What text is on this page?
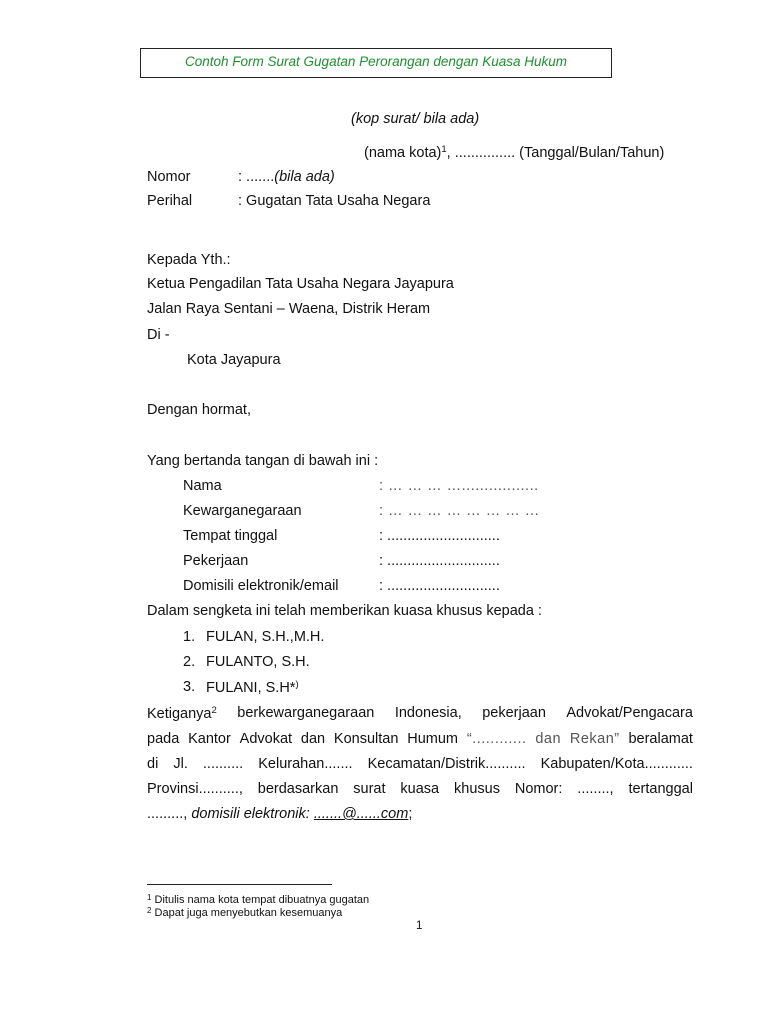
Contoh Form Surat Gugatan Perorangan dengan Kuasa Hukum
(kop surat/ bila ada)
(nama kota)$^1$, ............... (Tanggal/Bulan/Tahun)
Nomor	: .......(bila ada)
Perihal	: Gugatan Tata Usaha Negara
Kepada Yth.:
Ketua Pengadilan Tata Usaha Negara Jayapura
Jalan Raya Sentani – Waena, Distrik Heram
Di -
Kota Jayapura
Dengan hormat,
Yang bertanda tangan di bawah ini :
Nama	: … … … ….................
Kewarganegaraan	: … … … … … … … …
Tempat tinggal	: ............................
Pekerjaan	: ............................
Domisili elektronik/email	: ............................
Dalam sengketa ini telah memberikan kuasa khusus kepada :
1. FULAN, S.H.,M.H.
2. FULANTO, S.H.
3. FULANI, S.H*)
Ketiganya$^2$ berkewarganegaraan Indonesia, pekerjaan Advokat/Pengacara
pada Kantor Advokat dan Konsultan Humum “............ dan Rekan” beralamat
di Jl. .......... Kelurahan....... Kecamatan/Distrik.......... Kabupaten/Kota............
Provinsi.........., berdasarkan surat kuasa khusus Nomor: ........, tertanggal
........., domisili elektronik: .......@......com;
$^1$ Ditulis nama kota tempat dibuatnya gugatan
$^2$ Dapat juga menyebutkan kesemuanya
1
